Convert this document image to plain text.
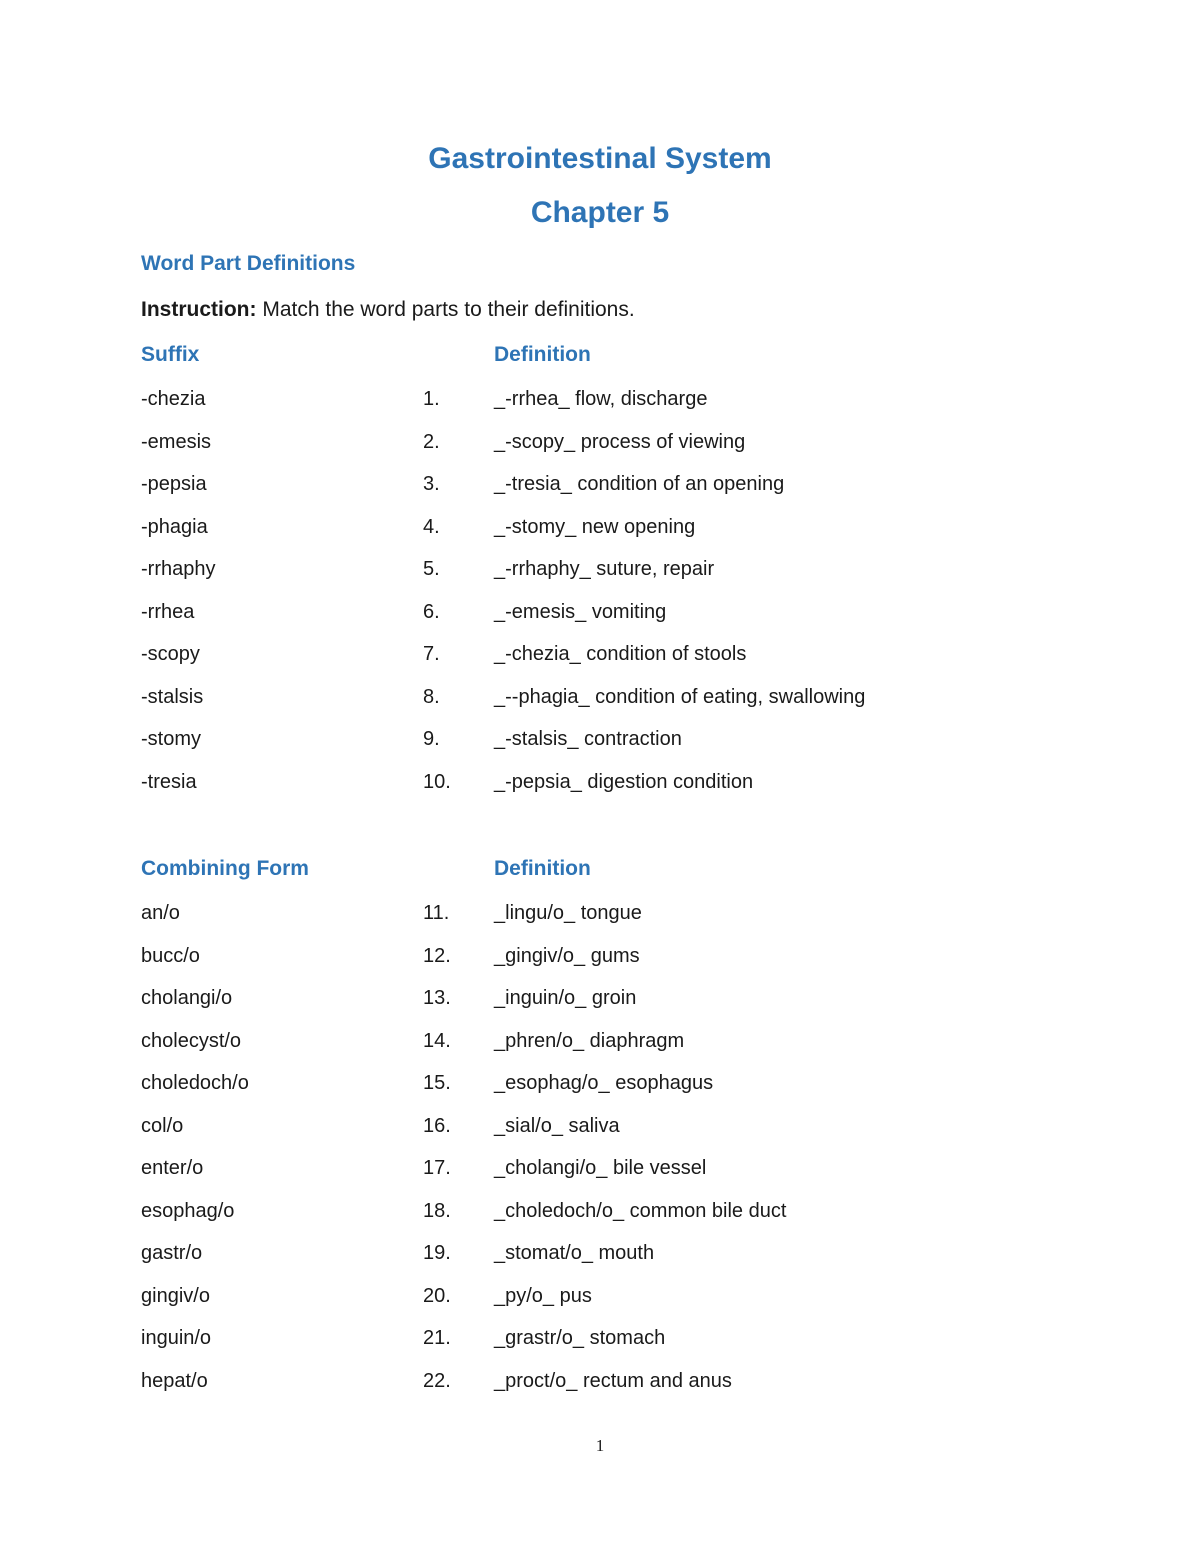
Gastrointestinal System
Chapter 5
Word Part Definitions

Instruction: Match the word parts to their definitions.

Suffix	Definition
-chezia	1.	_-rrhea_ flow, discharge
-emesis	2.	_-scopy_ process of viewing
-pepsia	3.	_-tresia_ condition of an opening
-phagia	4.	_-stomy_ new opening
-rrhaphy	5.	_-rrhaphy_ suture, repair
-rrhea	6.	_-emesis_ vomiting
-scopy	7.	_-chezia_ condition of stools
-stalsis	8.	_--phagia_ condition of eating, swallowing
-stomy	9.	_-stalsis_ contraction
-tresia	10. _-pepsia_ digestion condition
Combining Form	Definition
an/o	11. _lingu/o_ tongue
bucc/o	12. _gingiv/o_ gums
cholangi/o	13. _inguin/o_ groin
cholecyst/o	14. _phren/o_ diaphragm
choledoch/o	15. _esophag/o_ esophagus
col/o	16. _sial/o_ saliva
enter/o	17. _cholangi/o_ bile vessel
esophag/o	18. _choledoch/o_ common bile duct
gastr/o	19. _stomat/o_ mouth
gingiv/o	20. _py/o_ pus
inguin/o	21. _grastr/o_ stomach
hepat/o	22. _proct/o_ rectum and anus
1
